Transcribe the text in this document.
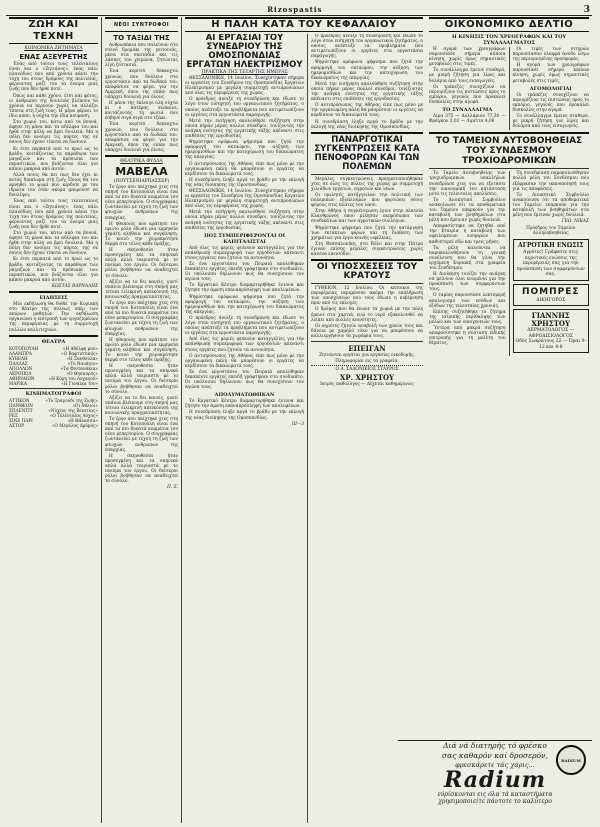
Rizospastis	3
ΖΩΗ ΚΑΙ ΤΕΧΝΗ
ΚΟΙΝΩΝΙΚΑ ΖΗΤΗΜΑΤΑ
ΕΝΑΣ ΑΞΕΥΡΕΤΗΣ

Ένας από τούτοι τους τελευταίους είναι και ο «Ζητιάνος», ένας πάλι πλανόδιος που από χρόνια κάνει την τύχη του στους δρόμους της πολιτείας, φέρνοντας μαζί του τα όνειρα μιας ζωής που δεν ήρθε ποτέ.

Όπως και κάθε χρόνο, έτσι και φέτος, οι άνθρωποι της δουλειάς βλέπουν τα χρόνια να περνούν χωρίς να αλλάζει τίποτα στη ζωή τους. Η μέρα φέρνει το ίδιο κόπο, η νύχτα την ίδια κούραση.

Στο χωριό του, κάτω από τα βουνά, άφησε τη μάνα και τα αδέλφια του και ήρθε στην πόλη να βρει δουλειά. Μα η πόλη δεν ανοίγει τις πόρτες της σε όσους δεν έχουν τίποτα να δώσουν.

Κι έτσι περπατά από το πρωί ως το βράδυ, κοιτάζοντας τα παράθυρα των μαγαζιών και τα πρόσωπα των περαστικών, που βιάζονται όλοι για κάπου μακρυά από αυτόν.

Αλλά ποιος θα πει πως δεν έχει κι αυτός δικαίωμα στη ζωή; Ποιος θα του αρνηθεί το ψωμί που κέρδισε με τον ιδρώτα του όταν ακόμα μπορούσε να δουλέψει;

Ένας από τούτοι τους τελευταίους είναι και ο «Ζητιάνος», ένας πάλι πλανόδιος που από χρόνια κάνει την τύχη του στους δρόμους της πολιτείας, φέρνοντας μαζί του τα όνειρα μιας ζωής που δεν ήρθε ποτέ.

Στο χωριό του, κάτω από τα βουνά, άφησε τη μάνα και τα αδέλφια του και ήρθε στην πόλη να βρει δουλειά. Μα η πόλη δεν ανοίγει τις πόρτες της σε όσους δεν έχουν τίποτα να δώσουν.

Κι έτσι περπατά από το πρωί ως το βράδυ, κοιτάζοντας τα παράθυρα των μαγαζιών και τα πρόσωπα των περαστικών, που βιάζονται όλοι για κάπου μακρυά από αυτόν.

ΚΩΣΤΑΣ ΒΑΡΝΑΛΗΣ
ΕΙΔΗΣΕΙΣ

Μία εκδήλωση θα δοθεί την Κυριακή στο θέατρο της πόλεως υπέρ των απόρων μαθητών. Την εκδήλωση οργανώνει η επιτροπή των εργαζομένων της περιφέρειας με τη συμμετοχή πολλών καλλιτεχνών.

ΘΕΑΤΡΑ
ΚΟΤΟΠΟΥΛΗ	«Η Αδέλφη μου»
ΑΛΑΜΠΡΑ	«Ο Βαφτιστικός»
ΚΥΒΕΛΗ	«Η Ξανθούλα»
ΠΑΛΛΑΣ	«Το Ναυάγιο»
ΑΠΟΛΛΩΝ	«Τα Φιντανάκια»
ΑΚΡΟΠΟΛ	«Ο Θησαυρός»
ΑΘΗΝΑΙΟΝ	«Η Κόρη του Λοχαγού»
ΜΑΡΙΚΑ	«Η Γυναίκα του»
ΚΙΝΗΜΑΤΟΓΡΑΦΟΙ
ΑΤΤΙΚΟΝ	«Το Τραγούδι της Ζωής»
ΠΑΝΘΕΟΝ	«Οι Άθλιοι»
ΣΠΛΕΝΤΙΤ	«Νύχτες της Βενετίας»
ΡΕΞ	«Ο Τελευταίος Λόχος»
ΣΙΝΕ ΠΑΡΙ	«Η Θάλασσα»
ΑΣΤΟΡ	«Ο Μεγάλος Δρόμος»
ΝΕΟΙ ΣΥΝΤΡΟΦΟΙ
ΤΟ ΤΑΞΙΔΙ ΤΗΣ

Ανθρωπάκια που σαλεύουν στο στενό δρομάκι της γειτονιάς, μέσα στα σκοτάδια και τις λάσπες του χειμώνα, ζητώντας λίγη ζεστασιά.

Ένα κορίτσι δεκαοχτώ χρονών, που δούλευε στο εργοστάσιο από τα δώδεκά του, αποφάσισε να φύγει για την Αμερική, όπου της είπαν πως υπάρχει δουλειά για όλους.

Η μάνα της έκλαιγε όλη νύχτα κι ο πατέρας σώπαινε, κοιτάζοντας τη φωτιά που έσβηνε σιγά σιγά στο τζάκι.

Ένα κορίτσι δεκαοχτώ χρονών, που δούλευε στο εργοστάσιο από τα δώδεκά του, αποφάσισε να φύγει για την Αμερική, όπου της είπαν πως υπάρχει δουλειά για όλους.

ΘΕΑΤΡΙΚΑ ΦΥΛΛΑ
ΜΑΒΕΛΑ
(ΠΟΥΤΣΕΝΙΑΡΠΑΣΣΕΡ)

Το έργο που παίχτηκε χτες στη σκηνή του Κοτοπούλη είναι ένα από τα πιο δυνατά κομμάτια του νέου ρεπερτορίου. Ο συγγραφέας ζωντανεύει με τέχνη τη ζωή των φτωχών ανθρώπων της επαρχίας.

Η ηθοποιός που κράτησε τον πρώτο ρόλο έδωσε μια ερμηνεία γεμάτη αλήθεια και συγκίνηση. Το κοινό την χειροκρότησε θερμά στο τέλος κάθε πράξης.

Η σκηνοθεσία ήταν προσεγμένη και τα σκηνικά απλά αλλά ταιριαστά με το πνεύμα του έργου. Οι δεύτεροι ρόλοι βοήθησαν να αναδειχτεί το σύνολο.

Αξίζει να το δει κανείς, γιατί σπάνια βλέπουμε στη σκηνή μας τέτοια ειλικρινή απεικόνιση της κοινωνικής πραγματικότητας.

Το έργο που παίχτηκε χτες στη σκηνή του Κοτοπούλη είναι ένα από τα πιο δυνατά κομμάτια του νέου ρεπερτορίου. Ο συγγραφέας ζωντανεύει με τέχνη τη ζωή των φτωχών ανθρώπων της επαρχίας.

Η ηθοποιός που κράτησε τον πρώτο ρόλο έδωσε μια ερμηνεία γεμάτη αλήθεια και συγκίνηση. Το κοινό την χειροκρότησε θερμά στο τέλος κάθε πράξης.

Η σκηνοθεσία ήταν προσεγμένη και τα σκηνικά απλά αλλά ταιριαστά με το πνεύμα του έργου. Οι δεύτεροι ρόλοι βοήθησαν να αναδειχτεί το σύνολο.

Αξίζει να το δει κανείς, γιατί σπάνια βλέπουμε στη σκηνή μας τέτοια ειλικρινή απεικόνιση της κοινωνικής πραγματικότητας.

Το έργο που παίχτηκε χτες στη σκηνή του Κοτοπούλη είναι ένα από τα πιο δυνατά κομμάτια του νέου ρεπερτορίου. Ο συγγραφέας ζωντανεύει με τέχνη τη ζωή των φτωχών ανθρώπων της επαρχίας.

Η σκηνοθεσία ήταν προσεγμένη και τα σκηνικά απλά αλλά ταιριαστά με το πνεύμα του έργου. Οι δεύτεροι ρόλοι βοήθησαν να αναδειχτεί το σύνολο.

Π. Σ.
Η ΠΑΛΗ ΚΑΤΑ ΤΟΥ ΚΕΦΑΛΑΙΟΥ
ΑΙ ΕΡΓΑΣΙΑΙ ΤΟΥ ΣΥΝΕΔΡΙΟΥ ΤΗΣ ΟΜΟΣΠΟΝΔΙΑΣ ΕΡΓΑΤΩΝ ΗΛΕΚΤΡΙΣΜΟΥ
ΠΡΑΚΤΙΚΑ ΤΗΣ ΤΕΤΑΡΤΗΣ ΗΜΕΡΑΣ

ΘΕΣΣΑΛΟΝΙΚΗ, 14 Ιουλίου. Συνεχίστηκαν σήμερα οι εργασίες του Συνεδρίου της Ομοσπονδίας Εργατών Ηλεκτρισμού με μεγάλη συμμετοχή αντιπροσώπων από όλες τις περιφέρειες της χώρας.

Ο πρόεδρος άνοιξε τη συνεδρίαση και έδωσε το λόγο στον εισηγητή του οργανωτικού ζητήματος, ο οποίος ανέπτυξε τα προβλήματα που αντιμετωπίζουν οι εργάτες στα εργοστάσια παραγωγής.

Μετά την εισήγηση ακολούθησε συζήτηση στην οποία πήραν μέρος πολλοί σύνεδροι, τονίζοντας την ανάγκη ενότητας της εργατικής τάξης απέναντι στις επιθέσεις της εργοδοσίας.

Ψηφίστηκε ομόφωνα ψήφισμα που ζητά την εφαρμογή του οκταώρου, την αύξηση των ημερομισθίων και την κατοχύρωση του δικαιώματος της απεργίας.

Ο αντιπρόσωπος της Αθήνας είπε πως μόνο με την οργανωμένη πάλη θα μπορέσουν οι εργάτες να κερδίσουν τα δικαιώματά τους.

Η συνεδρίαση έληξε αργά το βράδυ με την εκλογή της νέας διοίκησης της Ομοσπονδίας.

ΘΕΣΣΑΛΟΝΙΚΗ, 14 Ιουλίου. Συνεχίστηκαν σήμερα οι εργασίες του Συνεδρίου της Ομοσπονδίας Εργατών Ηλεκτρισμού με μεγάλη συμμετοχή αντιπροσώπων από όλες τις περιφέρειες της χώρας.

Μετά την εισήγηση ακολούθησε συζήτηση στην οποία πήραν μέρος πολλοί σύνεδροι, τονίζοντας την ανάγκη ενότητας της εργατικής τάξης απέναντι στις επιθέσεις της εργοδοσίας.

ΠΟΣ ΣΥΜΠΕΡΙΦΕΡΟΝΤΑΙ ΟΙ ΚΑΠΙΤΑΛΙΣΤΑΙ

Από όλες τις μεριές φτάνουν καταγγελίες για την απάνθρωπη συμπεριφορά των εργοδοτών απέναντι στους εργάτες που ζητούν τα αυτονόητα.

Σε ένα εργοστάσιο του Πειραιά απολύθηκαν δεκαπέντε εργάτες επειδή γράφτηκαν στο συνδικάτο. Οι υπόλοιποι δηλώνουν πως θα συνεχίσουν τον αγώνα τους.

Το Εργατικό Κέντρο διαμαρτυρήθηκε έντονα και ζήτησε την άμεση επαναπρόσληψη των απολυμένων.

Ψηφίστηκε ομόφωνα ψήφισμα που ζητά την εφαρμογή του οκταώρου, την αύξηση των ημερομισθίων και την κατοχύρωση του δικαιώματος της απεργίας.

Ο πρόεδρος άνοιξε τη συνεδρίαση και έδωσε το λόγο στον εισηγητή του οργανωτικού ζητήματος, ο οποίος ανέπτυξε τα προβλήματα που αντιμετωπίζουν οι εργάτες στα εργοστάσια παραγωγής.

Από όλες τις μεριές φτάνουν καταγγελίες για την απάνθρωπη συμπεριφορά των εργοδοτών απέναντι στους εργάτες που ζητούν τα αυτονόητα.

Ο αντιπρόσωπος της Αθήνας είπε πως μόνο με την οργανωμένη πάλη θα μπορέσουν οι εργάτες να κερδίσουν τα δικαιώματά τους.

Σε ένα εργοστάσιο του Πειραιά απολύθηκαν δεκαπέντε εργάτες επειδή γράφτηκαν στο συνδικάτο. Οι υπόλοιποι δηλώνουν πως θα συνεχίσουν τον αγώνα τους.

ΑΠΟΛΥΜΑΤΩΘΗΚΑΝ

Το Εργατικό Κέντρο διαμαρτυρήθηκε έντονα και ζήτησε την άμεση επαναπρόσληψη των απολυμένων.

Η συνεδρίαση έληξε αργά το βράδυ με την εκλογή της νέας διοίκησης της Ομοσπονδίας.

ΙΙΙ—3

Ο πρόεδρος άνοιξε τη συνεδρίαση και έδωσε το λόγο στον εισηγητή του οργανωτικού ζητήματος, ο οποίος ανέπτυξε τα προβλήματα που αντιμετωπίζουν οι εργάτες στα εργοστάσια παραγωγής.

Ψηφίστηκε ομόφωνα ψήφισμα που ζητά την εφαρμογή του οκταώρου, την αύξηση των ημερομισθίων και την κατοχύρωση του δικαιώματος της απεργίας.

Μετά την εισήγηση ακολούθησε συζήτηση στην οποία πήραν μέρος πολλοί σύνεδροι, τονίζοντας την ανάγκη ενότητας της εργατικής τάξης απέναντι στις επιθέσεις της εργοδοσίας.

Ο αντιπρόσωπος της Αθήνας είπε πως μόνο με την οργανωμένη πάλη θα μπορέσουν οι εργάτες να κερδίσουν τα δικαιώματά τους.

Η συνεδρίαση έληξε αργά το βράδυ με την εκλογή της νέας διοίκησης της Ομοσπονδίας.

ΠΑΝΑΡΓΟΤΙΚΑΙ ΣΥΓΚΕΝΤΡΩΣΕΙΣ ΚΑΤΑ ΠΕΝΟΦΟΡΩΝ ΚΑΙ ΤΩΝ ΠΟΛΕΜΩΝ

Μεγάλες συγκεντρώσεις πραγματοποιήθηκαν χτες σε όλες τις πόλεις της χώρας με συμμετοχή χιλιάδων εργατών, αγροτών και νέων.

Οι ομιλητές κατήγγειλαν την πολιτική των πολεμικών εξοπλισμών που φορτώνει νέους φόρους στις πλάτες του λαού.

Στην Αθήνα η συγκέντρωση έγινε στην πλατεία Κλαυθμώνος όπου μίλησαν εκπρόσωποι των συνδικάτων και των αγροτικών συλλόγων.

Ψηφίστηκε ψήφισμα που ζητά την κατάργηση των έκτακτων φόρων και τη διάθεση των χρημάτων για έργα κοινής ωφέλειας.

Στη Θεσσαλονίκη, στο Βόλο και στην Πάτρα έγιναν επίσης μεγάλες συγκεντρώσεις χωρίς κανένα επεισόδιο.

ΟΙ ΥΠΟΣΧΕΣΕΙΣ ΤΟΥ ΚΡΑΤΟΥΣ

ΓΥΘΕΙΟΝ, 12 Ιουλίου. Οι κάτοικοι της περιφέρειας περιμένουν ακόμα την εκπλήρωση των υποσχέσεων που τους έδωσε η κυβέρνηση πριν από τις εκλογές.

Ο δρόμος που θα ένωνε τα χωριά με την πόλη έμεινε στα χαρτιά, ενώ το νερό εξακολουθεί να λείπει από πολλές κοινότητες.

Οι αγρότες ζητούν αναβολή των χρεών τους και δάνεια με χαμηλό τόκο για να μπορέσουν να καλλιεργήσουν τα χωράφια τους.

ΕΠΕΙΓΑΝ
Ζητούνται εργάται για εργασίες οικοδομής. Πληροφορίαι εις τα γραφεία.
Ο Α. ΣΑΛΟΝΙΚΙΟΣ ΣΤΑΥΡΟΣ
ΧΡ. ΧΡΗΣΤΟΥ
Ιατρός παθολόγος — Δέχεται καθημερινώς
ΟΙΚΟΝΟΜΙΚΟ ΔΕΛΤΙΟ
Η ΚΙΝΗΣΙΣ ΤΟΝ ΧΡΕΟΓΡΑΦΩΝ ΚΑΙ ΤΟΥ ΣΥΝΑΛΛΑΓΜΑΤΟΣ

Η αγορά των χρεογράφων παρουσίασε σήμερα κάποια κίνηση, χωρίς όμως σημαντικές μεταβολές στις τιμές.

Το συνάλλαγμα έμεινε σταθερό, με μικρή ζήτηση για λίρες και δολάρια από τους εισαγωγείς.

Οι τράπεζες συνεχίζουν να περιορίζουν τις πιστώσεις προς το εμπόριο, γεγονός που προκαλεί δυσκολίες στην αγορά.

ΤΟ ΣΥΝΑΛΛΑΓΜΑ

Λίρα 375 — Δολλάριον 77,30 — Φράγκον 3,02 — Λιρέττα 4,06

Οι τιμές των σιτηρών παρουσίασαν ελαφρά άνοδο λόγω της περιορισμένης προσφοράς.

Η αγορά των χρεογράφων παρουσίασε σήμερα κάποια κίνηση, χωρίς όμως σημαντικές μεταβολές στις τιμές.

ΑΓΟΜΟΛΟΓΙΑΙ

Οι τράπεζες συνεχίζουν να περιορίζουν τις πιστώσεις προς το εμπόριο, γεγονός που προκαλεί δυσκολίες στην αγορά.

Το συνάλλαγμα έμεινε σταθερό, με μικρή ζήτηση για λίρες και δολάρια από τους εισαγωγείς.

ΤΟ ΤΑΜΕΙΟΝ ΑΥΤΟΒΟΗΘΕΙΑΣ ΤΟΥ ΣΥΝΔΕΣΜΟΥ ΤΡΟΧΙΟΔΡΟΜΙΚΩΝ

Το Ταμείο Αυτοβοηθείας των τροχιοδρομικών υπαλλήλων συνεδρίασε χτες για να εξετάσει την οικονομική του κατάσταση μετά τις τελευταίες απολύσεις.

Το Διοικητικό Συμβούλιο ανακοίνωσε ότι τα αποθεματικά του Ταμείου επαρκούν για την καταβολή των βοηθημάτων στα μέλη που έμειναν χωρίς δουλειά.

Αποφασίστηκε να ζητηθεί από την Εταιρία η καταβολή των οφειλόμενων εισφορών που καθυστερεί εδώ και τρεις μήνες.

Τα μέλη καλούνται να παρακολουθήσουν τη γενική συνέλευση που θα γίνει την ερχόμενη Κυριακή στα γραφεία του Συνδέσμου.

Η Διοίκηση τονίζει την ανάγκη να μείνουν όλοι ενωμένοι για την προάσπιση των συμφερόντων τους.

Ο ταμίας παρουσίασε λεπτομερή απολογισμό των εσόδων και εξόδων της τελευταίας χρονιάς.

Επίσης συζητήθηκε το ζήτημα της ιατρικής περίθαλψης των μελών και των οικογενειών τους.

Ύστερα από μακρά συζήτηση αποφασίστηκε η σύσταση ειδικής επιτροπής για τη μελέτη του θέματος.

Τη συνεδρίαση παρακολούθησαν πολλά μέλη του Συνδέσμου που εξέφρασαν την ικανοποίησή τους για τις αποφάσεις.

Το Διοικητικό Συμβούλιο ανακοίνωσε ότι τα αποθεματικά του Ταμείου επαρκούν για την καταβολή των βοηθημάτων στα μέλη που έμειναν χωρίς δουλειά.

ΓΕΩ. ΝΙΚΑΣ
Πρόεδρος του Ταμείου Αλληλοβοηθείας
ΑΓΡΟΤΙΚΗ ΕΝΩΣΙΣ
Αγρότες! Γράφεστε στις αγροτικές ενώσεις της περιφέρειάς σας για την προάσπιση των συμφερόντων σας.
ΠΟΜΠΡΕΣ
ΔΙΚΗΓΟΡΟΣ
ΓΙΑΝΝΗΣ ΧΡΗΣΤΟΥ
ΔΕΡΜΑΤΟΛΟΓΟΣ — ΑΦΡΟΔΙΣΙΟΛΟΓΟΣ
Οδός Σωκράτους 22 — Ώραι 9-12 και 4-8
RADIUM
Διά νά διατηρής τό φρέσκο
σας καθαρόν καί δροσερόν,
φρεσκάρετε τάς χάρις...
Radium
εύρίσκονται εις όλα τά καταστήματα
χρησιμοποιείτε πάντοτε το καλύτερο
